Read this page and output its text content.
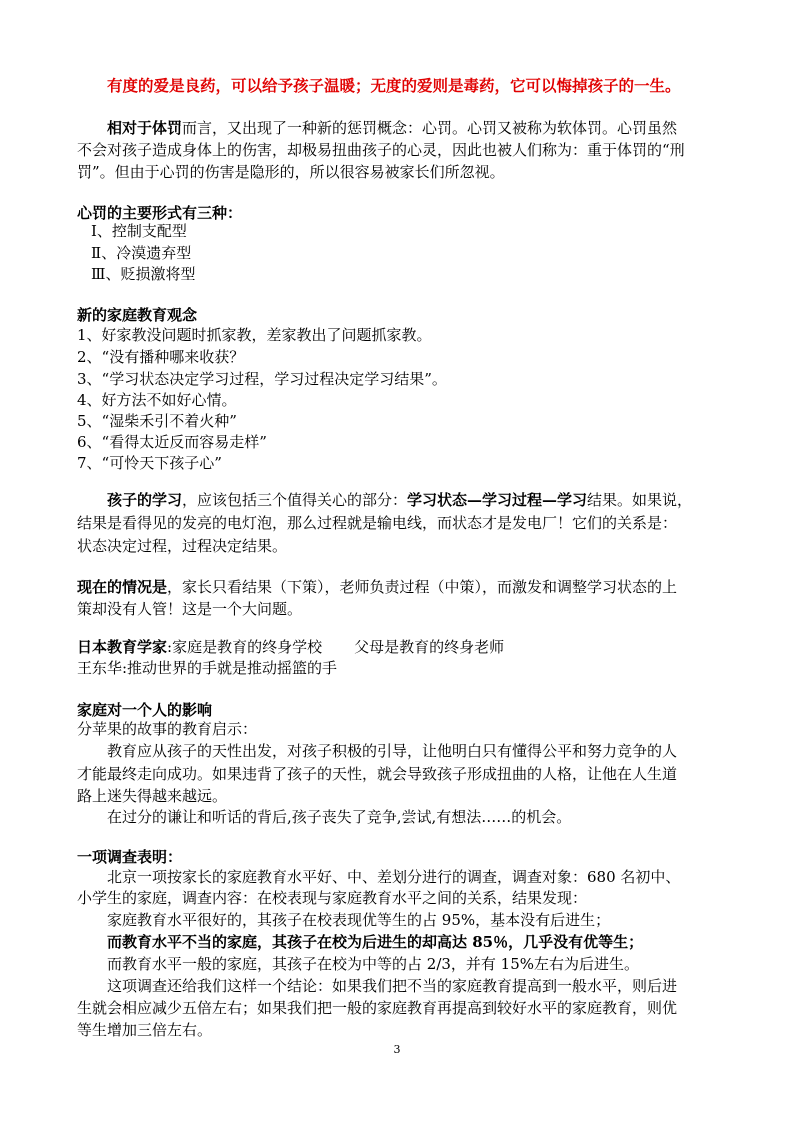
有度的爱是良药，可以给予孩子温暖；无度的爱则是毒药，它可以悔掉孩子的一生。
相对于体罚而言，又出现了一种新的惩罚概念：心罚。心罚又被称为软体罚。心罚虽然
不会对孩子造成身体上的伤害，却极易扭曲孩子的心灵，因此也被人们称为：重于体罚的“刑
罚”。但由于心罚的伤害是隐形的，所以很容易被家长们所忽视。
心罚的主要形式有三种：
Ⅰ、控制支配型
Ⅱ、冷漠遗弃型
Ⅲ、贬损激将型
新的家庭教育观念
1、好家教没问题时抓家教，差家教出了问题抓家教。
2、“没有播种哪来收获？
3、“学习状态决定学习过程，学习过程决定学习结果”。
4、好方法不如好心情。
5、“湿柴禾引不着火种”
6、“看得太近反而容易走样”
7、“可怜天下孩子心”
孩子的学习，应该包括三个值得关心的部分：学习状态—学习过程—学习结果。如果说，
结果是看得见的发亮的电灯泡，那么过程就是输电线，而状态才是发电厂！它们的关系是：
状态决定过程，过程决定结果。
现在的情况是，家长只看结果（下策），老师负责过程（中策），而激发和调整学习状态的上
策却没有人管！这是一个大问题。
日本教育学家:家庭是教育的终身学校 父母是教育的终身老师
王东华:推动世界的手就是推动摇篮的手
家庭对一个人的影响
分苹果的故事的教育启示：
教育应从孩子的天性出发，对孩子积极的引导，让他明白只有懂得公平和努力竞争的人
才能最终走向成功。如果违背了孩子的天性，就会导致孩子形成扭曲的人格，让他在人生道
路上迷失得越来越远。
在过分的谦让和听话的背后,孩子丧失了竞争,尝试,有想法……的机会。
一项调查表明：
北京一项按家长的家庭教育水平好、中、差划分进行的调查，调查对象：680 名初中、
小学生的家庭，调查内容：在校表现与家庭教育水平之间的关系，结果发现：
家庭教育水平很好的，其孩子在校表现优等生的占 95%，基本没有后进生；
而教育水平不当的家庭，其孩子在校为后进生的却高达 85％，几乎没有优等生；
而教育水平一般的家庭，其孩子在校为中等的占 2/3，并有 15%左右为后进生。
这项调查还给我们这样一个结论：如果我们把不当的家庭教育提高到一般水平，则后进
生就会相应减少五倍左右；如果我们把一般的家庭教育再提高到较好水平的家庭教育，则优
等生增加三倍左右。
3
